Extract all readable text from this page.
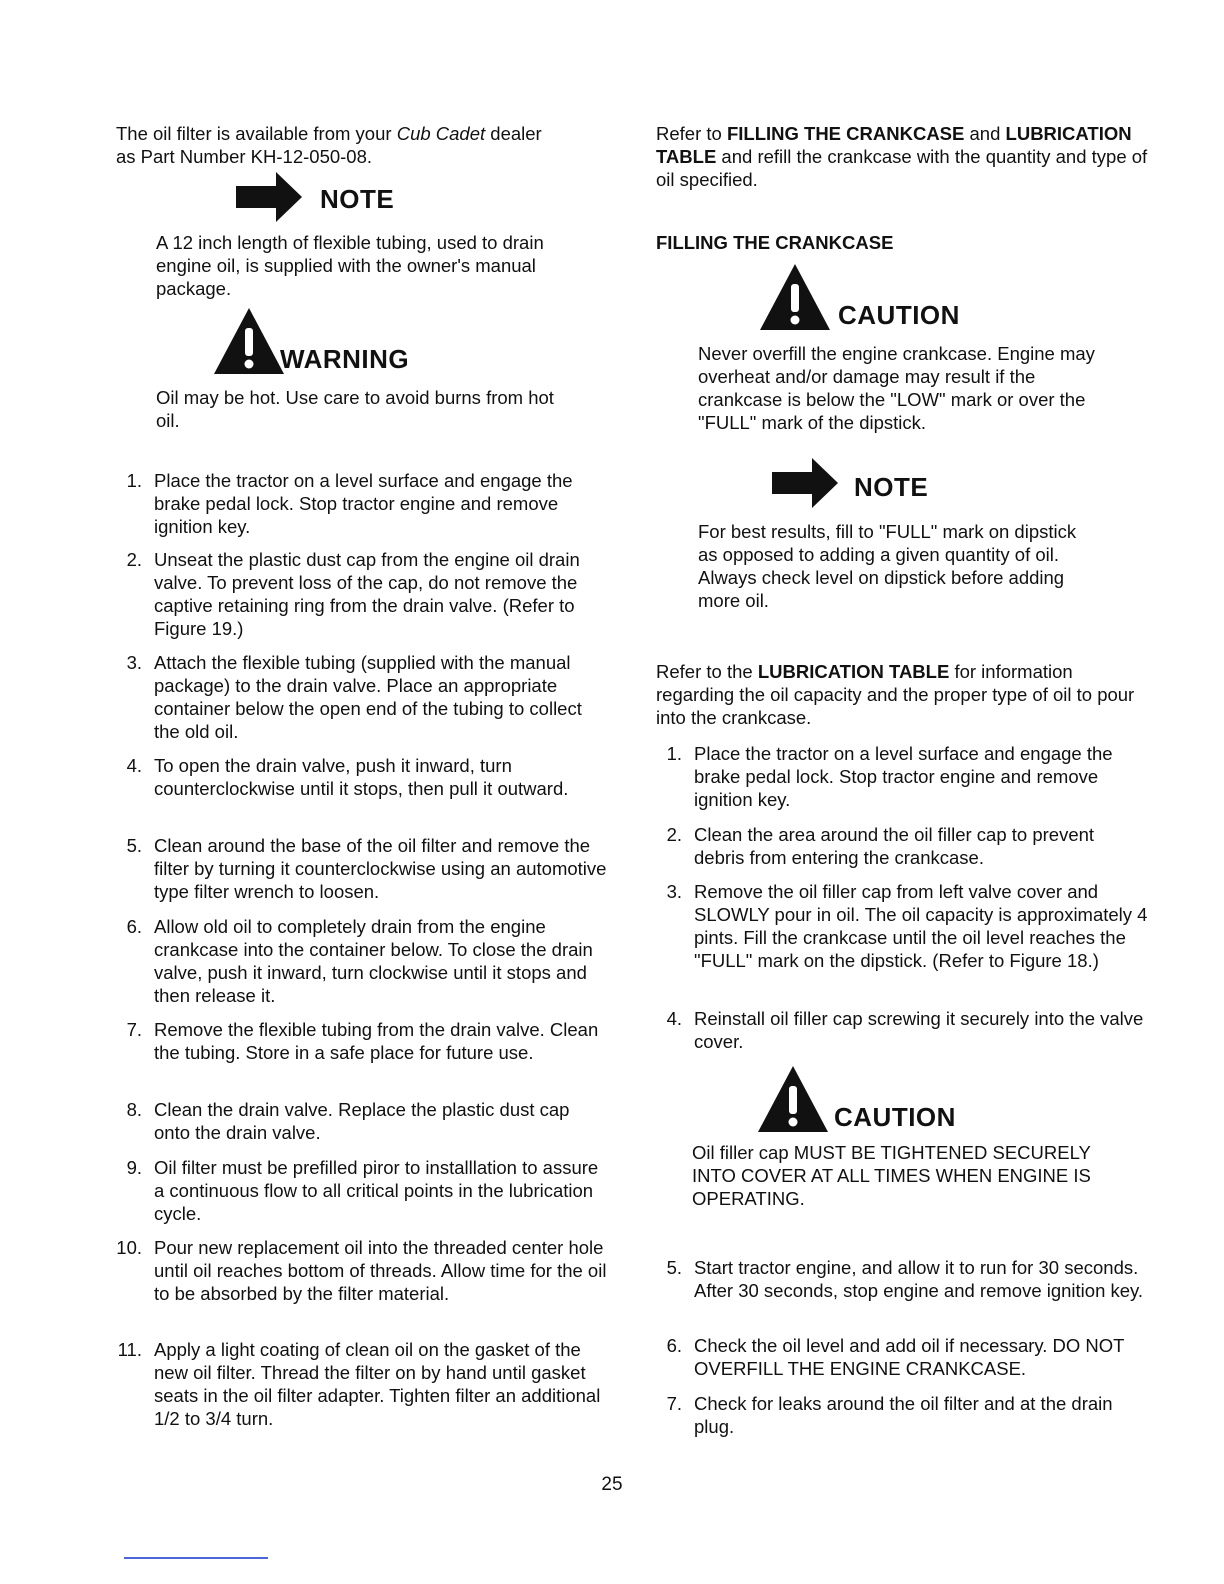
The oil filter is available from your Cub Cadet dealer
as Part Number KH-12-050-08.

NOTE

A 12 inch length of flexible tubing, used to drain engine oil, is supplied with the owner's manual package.

WARNING

Oil may be hot. Use care to avoid burns from hot oil.

1. Place the tractor on a level surface and engage the brake pedal lock. Stop tractor engine and remove ignition key.
2. Unseat the plastic dust cap from the engine oil drain valve. To prevent loss of the cap, do not remove the captive retaining ring from the drain valve. (Refer to Figure 19.)
3. Attach the flexible tubing (supplied with the manual package) to the drain valve. Place an appropriate container below the open end of the tubing to collect the old oil.
4. To open the drain valve, push it inward, turn counterclockwise until it stops, then pull it outward.
5. Clean around the base of the oil filter and remove the filter by turning it counterclockwise using an automotive type filter wrench to loosen.
6. Allow old oil to completely drain from the engine crankcase into the container below. To close the drain valve, push it inward, turn clockwise until it stops and then release it.
7. Remove the flexible tubing from the drain valve. Clean the tubing. Store in a safe place for future use.
8. Clean the drain valve. Replace the plastic dust cap onto the drain valve.
9. Oil filter must be prefilled piror to installlation to assure a continuous flow to all critical points in the lubrication cycle.
10. Pour new replacement oil into the threaded center hole until oil reaches bottom of threads. Allow time for the oil to be absorbed by the filter material.
11. Apply a light coating of clean oil on the gasket of the new oil filter. Thread the filter on by hand until gasket seats in the oil filter adapter. Tighten filter an additional 1/2 to 3/4 turn.

Refer to FILLING THE CRANKCASE and LUBRICATION TABLE and refill the crankcase with the quantity and type of oil specified.

FILLING THE CRANKCASE
CAUTION

Never overfill the engine crankcase. Engine may overheat and/or damage may result if the crankcase is below the "LOW" mark or over the "FULL" mark of the dipstick.

NOTE

For best results, fill to "FULL" mark on dipstick as opposed to adding a given quantity of oil. Always check level on dipstick before adding more oil.

Refer to the LUBRICATION TABLE for information regarding the oil capacity and the proper type of oil to pour into the crankcase.

1. Place the tractor on a level surface and engage the brake pedal lock. Stop tractor engine and remove ignition key.
2. Clean the area around the oil filler cap to prevent debris from entering the crankcase.
3. Remove the oil filler cap from left valve cover and SLOWLY pour in oil. The oil capacity is approximately 4 pints. Fill the crankcase until the oil level reaches the "FULL" mark on the dipstick. (Refer to Figure 18.)
4. Reinstall oil filler cap screwing it securely into the valve cover.
CAUTION

Oil filler cap MUST BE TIGHTENED SECURELY INTO COVER AT ALL TIMES WHEN ENGINE IS OPERATING.

5. Start tractor engine, and allow it to run for 30 seconds. After 30 seconds, stop engine and remove ignition key.
6. Check the oil level and add oil if necessary. DO NOT OVERFILL THE ENGINE CRANKCASE.
7. Check for leaks around the oil filter and at the drain plug.
25
